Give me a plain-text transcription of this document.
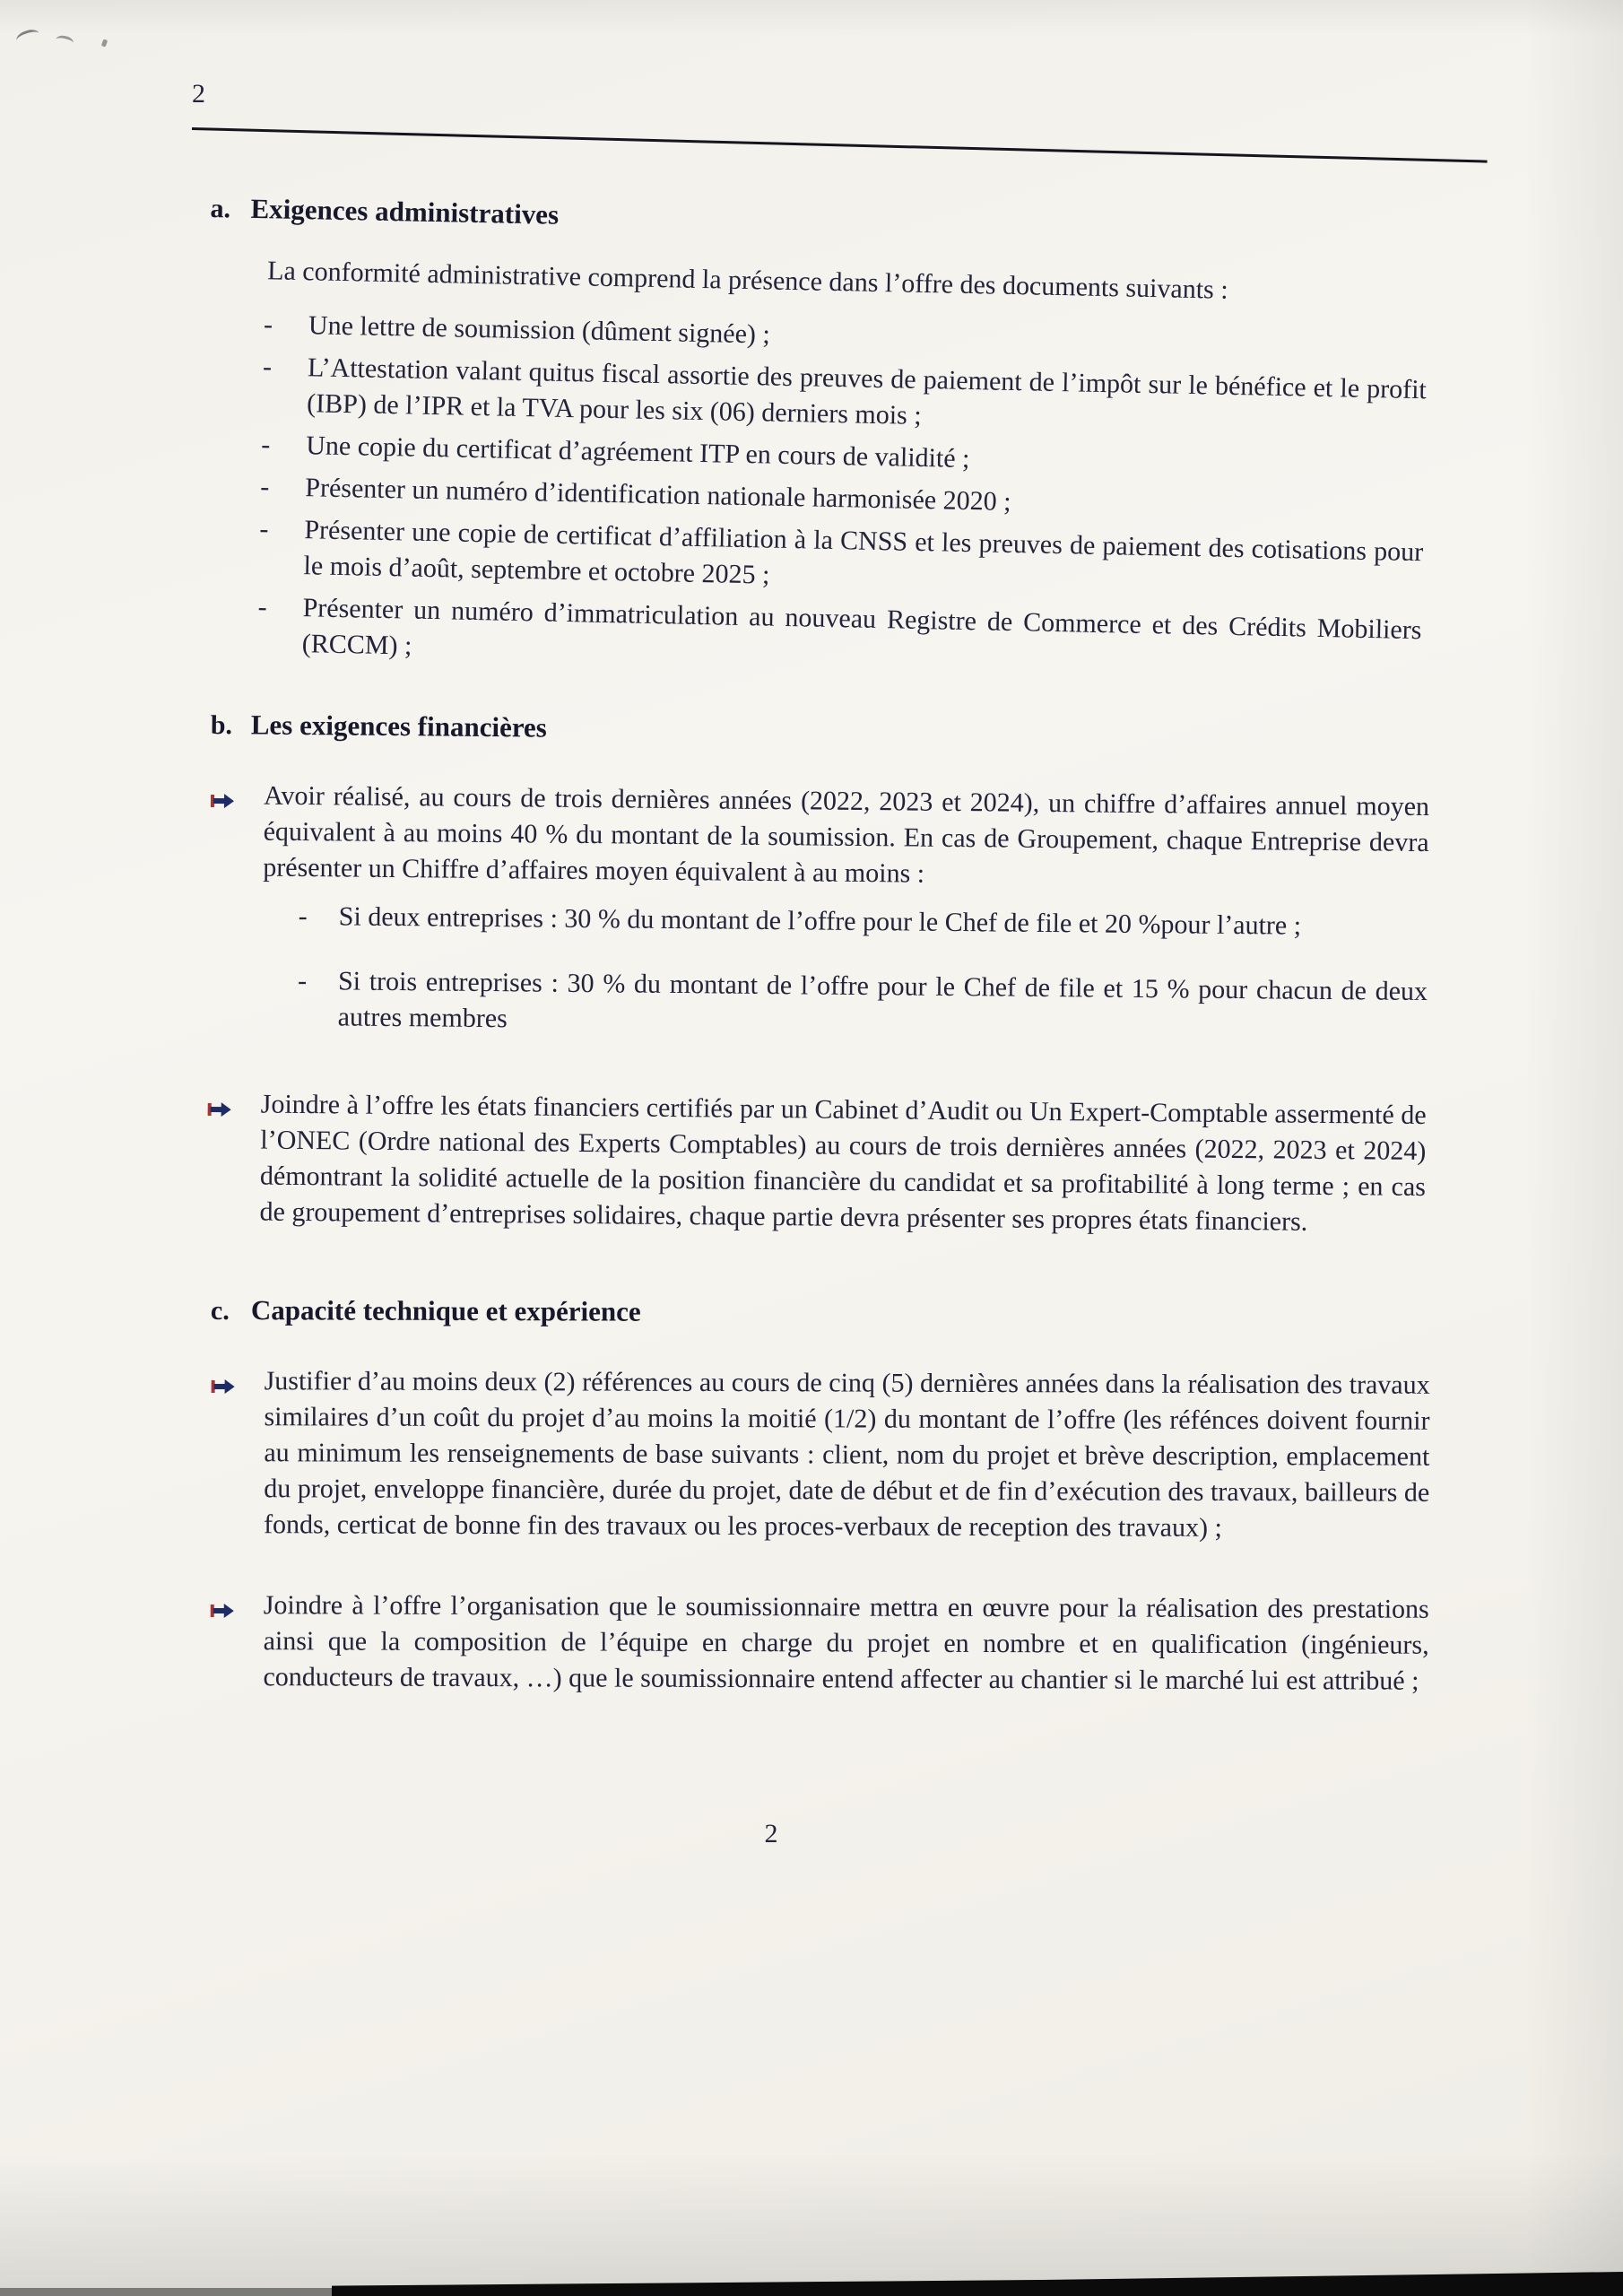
2
a. Exigences administratives

La conformité administrative comprend la présence dans l’offre des documents suivants :

-	Une lettre de soumission (dûment signée) ;
-	L’Attestation valant quitus fiscal assortie des preuves de paiement de l’impôt sur le bénéfice et le profit (IBP) de l’IPR et la TVA pour les six (06) derniers mois ;
-	Une copie du certificat d’agréement ITP en cours de validité ;
-	Présenter un numéro d’identification nationale harmonisée 2020 ;
-	Présenter une copie de certificat d’affiliation à la CNSS et les preuves de paiement des cotisations pour le mois d’août, septembre et octobre 2025 ;
-	Présenter un numéro d’immatriculation au nouveau Registre de Commerce et des Crédits Mobiliers (RCCM) ;
b. Les exigences financières
Avoir réalisé, au cours de trois dernières années (2022, 2023 et 2024), un chiffre d’affaires annuel moyen équivalent à au moins 40 % du montant de la soumission. En cas de Groupement, chaque Entreprise devra présenter un Chiffre d’affaires moyen équivalent à au moins :
-	Si deux entreprises : 30 % du montant de l’offre pour le Chef de file et 20 %pour l’autre ;
-	Si trois entreprises : 30 % du montant de l’offre pour le Chef de file et 15 % pour chacun de deux autres membres
Joindre à l’offre les états financiers certifiés par un Cabinet d’Audit ou Un Expert-Comptable assermenté de l’ONEC (Ordre national des Experts Comptables) au cours de trois dernières années (2022, 2023 et 2024) démontrant la solidité actuelle de la position financière du candidat et sa profitabilité à long terme ; en cas de groupement d’entreprises solidaires, chaque partie devra présenter ses propres états financiers.
c. Capacité technique et expérience
Justifier d’au moins deux (2) références au cours de cinq (5) dernières années dans la réalisation des travaux similaires d’un coût du projet d’au moins la moitié (1/2) du montant de l’offre (les réfénces doivent fournir au minimum les renseignements de base suivants : client, nom du projet et brève description, emplacement du projet, enveloppe financière, durée du projet, date de début et de fin d’exécution des travaux, bailleurs de fonds, certicat de bonne fin des travaux ou les proces-verbaux de reception des travaux) ;
Joindre à l’offre l’organisation que le soumissionnaire mettra en œuvre pour la réalisation des prestations ainsi que la composition de l’équipe en charge du projet en nombre et en qualification (ingénieurs, conducteurs de travaux, …) que le soumissionnaire entend affecter au chantier si le marché lui est attribué ;
2
